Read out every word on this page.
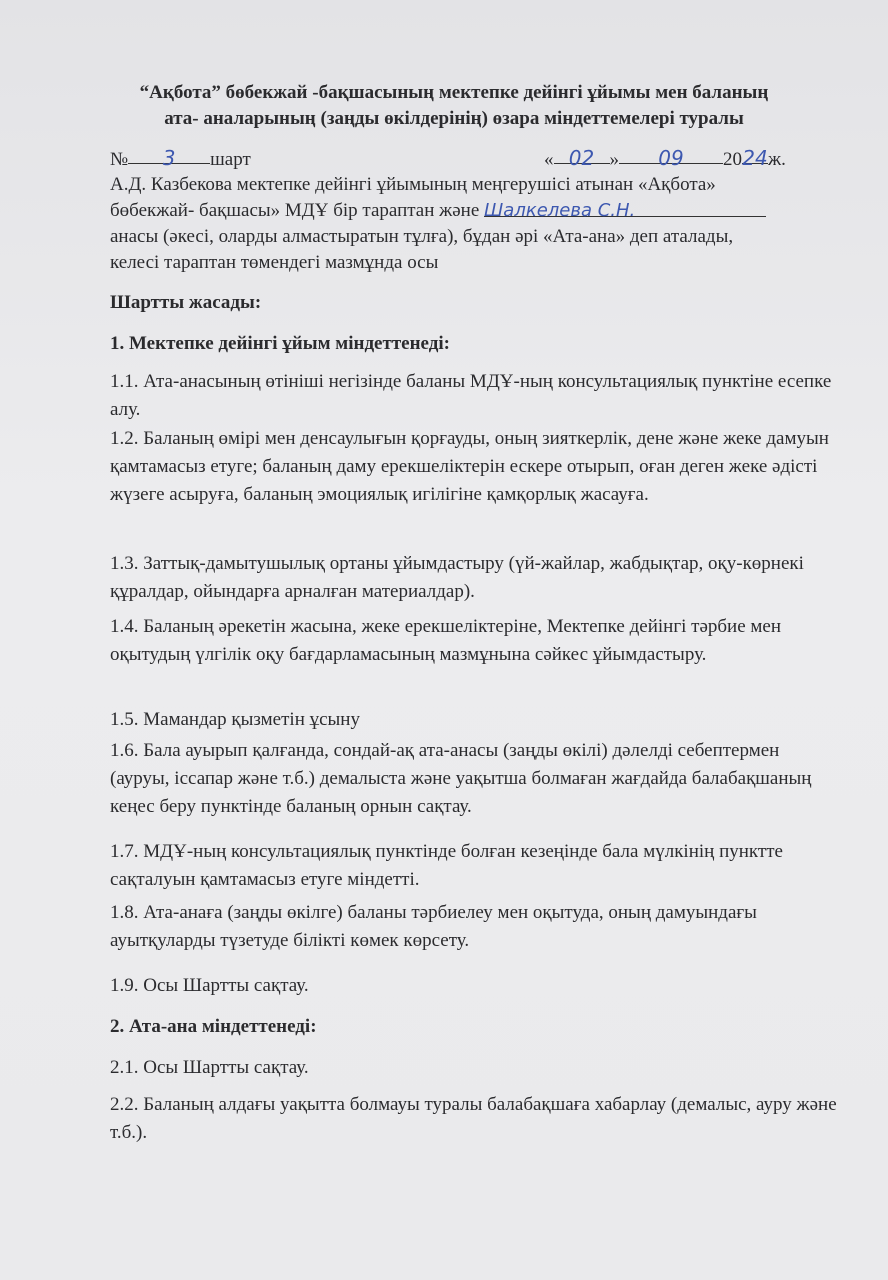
“Ақбота” бөбекжай -бақшасының мектепке дейінгі ұйымы мен баланың
ата- аналарының (заңды өкілдерінің) өзара міндеттемелері туралы
№ 3 шарт	« 02 » 09 2024ж.
А.Д. Казбекова мектепке дейінгі ұйымының меңгерушісі атынан «Ақбота»
бөбекжай- бақшасы» МДҰ бір тараптан және Шалкелева С.Н.
анасы (әкесі, оларды алмастыратын тұлға), бұдан әрі «Ата-ана» деп аталады,
келесі тараптан төмендегі мазмұнда осы
Шартты жасады:
1. Мектепке дейінгі ұйым міндеттенеді:
1.1. Ата-анасының өтініші негізінде баланы МДҰ-ның консультациялық пунктіне есепке алу.
1.2. Баланың өмірі мен денсаулығын қорғауды, оның зияткерлік, дене және жеке дамуын қамтамасыз етуге; баланың даму ерекшеліктерін ескере отырып, оған деген жеке әдісті жүзеге асыруға, баланың эмоциялық игілігіне қамқорлық жасауға.
1.3. Заттық-дамытушылық ортаны ұйымдастыру (үй-жайлар, жабдықтар, оқу-көрнекі құралдар, ойындарға арналған материалдар).
1.4. Баланың әрекетін жасына, жеке ерекшеліктеріне, Мектепке дейінгі тәрбие мен оқытудың үлгілік оқу бағдарламасының мазмұнына сәйкес ұйымдастыру.
1.5. Мамандар қызметін ұсыну
1.6. Бала ауырып қалғанда, сондай-ақ ата-анасы (заңды өкілі) дәлелді себептермен (ауруы, іссапар және т.б.) демалыста және уақытша болмаған жағдайда балабақшаның кеңес беру пунктінде баланың орнын сақтау.
1.7. МДҰ-ның консультациялық пунктінде болған кезеңінде бала мүлкінің пунктте сақталуын қамтамасыз етуге міндетті.
1.8. Ата-анаға (заңды өкілге) баланы тәрбиелеу мен оқытуда, оның дамуындағы ауытқуларды түзетуде білікті көмек көрсету.
1.9. Осы Шартты сақтау.
2. Ата-ана міндеттенеді:
2.1. Осы Шартты сақтау.
2.2. Баланың алдағы уақытта болмауы туралы балабақшаға хабарлау (демалыс, ауру және т.б.).
